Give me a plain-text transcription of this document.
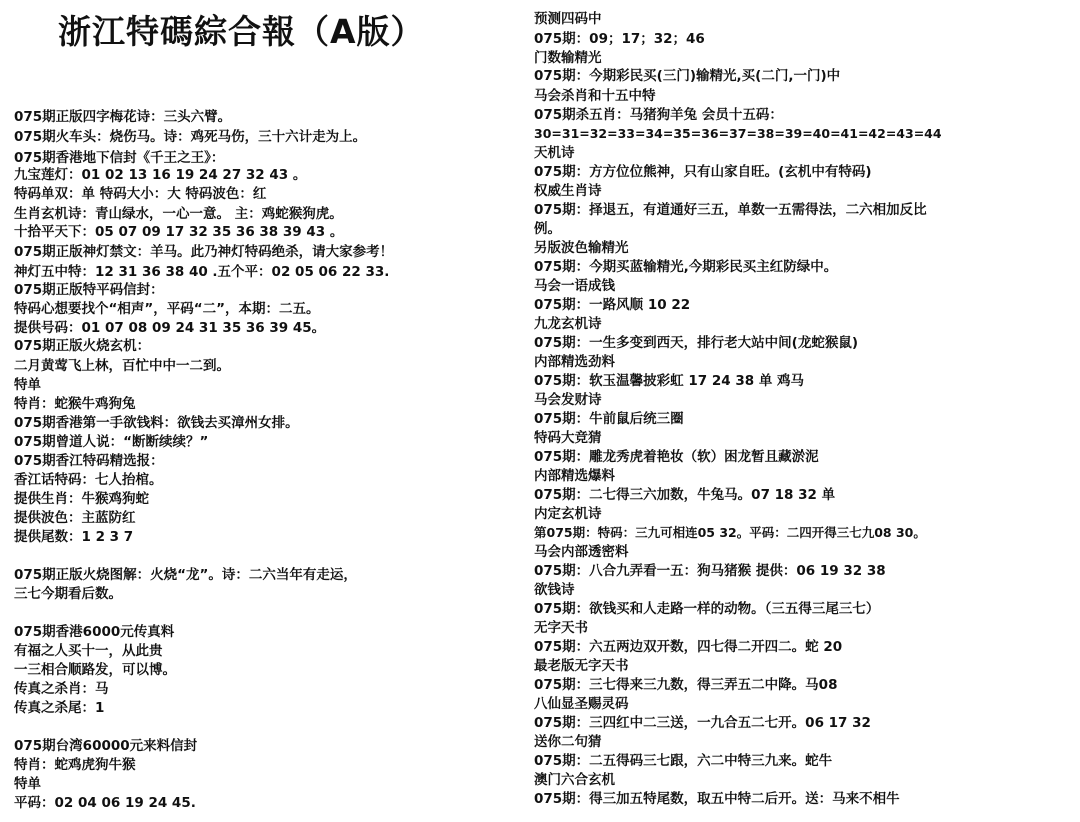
浙江特碼綜合報（A版）
075期正版四字梅花诗：三头六臂。
075期火车头：烧伤马。诗：鸡死马伤，三十六计走为上。
075期香港地下信封《千王之王》：
九宝莲灯：01 02 13 16 19 24 27 32 43 。
特码单双：单 特码大小：大 特码波色：红
生肖玄机诗：青山绿水，一心一意。 主：鸡蛇猴狗虎。
十拾平天下：05 07 09 17 32 35 36 38 39 43 。
075期正版神灯禁文：羊马。此乃神灯特码绝杀，请大家参考！
神灯五中特：12 31 36 38 40 .五个平：02 05 06 22 33.
075期正版特平码信封：
特码心想要找个“相声”，平码“二”，本期：二五。
提供号码：01 07 08 09 24 31 35 36 39 45。
075期正版火烧玄机：
二月黄莺飞上林，百忙中中一二到。
特单
特肖：蛇猴牛鸡狗兔
075期香港第一手欲钱料：欲钱去买漳州女排。
075期曾道人说：“断断续续？”
075期香江特码精选报：
香江话特码：七人抬棺。
提供生肖：牛猴鸡狗蛇
提供波色：主蓝防红
提供尾数：1 2 3 7
075期正版火烧图解：火烧“龙”。诗：二六当年有走运，
三七今期看后数。
075期香港6000元传真料
有福之人买十一，从此贵
一三相合顺路发，可以博。
传真之杀肖：马
传真之杀尾：1
075期台湾60000元来料信封
特肖：蛇鸡虎狗牛猴
特单
平码：02 04 06 19 24 45.
预测四码中
075期：09；17；32；46
门数输精光
075期：今期彩民买(三门)输精光,买(二门,一门)中
马会杀肖和十五中特
075期杀五肖：马猪狗羊兔 会员十五码：
30=31=32=33=34=35=36=37=38=39=40=41=42=43=44
天机诗
075期：方方位位熊神，只有山家自旺。(玄机中有特码)
权威生肖诗
075期：择退五，有道通好三五，单数一五需得法，二六相加反比
例。
另版波色输精光
075期：今期买蓝输精光,今期彩民买主红防绿中。
马会一语成钱
075期：一路风顺 10 22
九龙玄机诗
075期：一生多变到西天，排行老大站中间(龙蛇猴鼠)
内部精选劲料
075期：软玉温馨披彩虹 17 24 38 单 鸡马
马会发财诗
075期：牛前鼠后统三圈
特码大竞猜
075期：雕龙秀虎着艳妆（软）困龙暂且藏淤泥
内部精选爆料
075期：二七得三六加数，牛兔马。07 18 32 单
内定玄机诗
第075期：特码：三九可相连05 32。平码：二四开得三七九08 30。
马会内部透密料
075期：八合九弄看一五：狗马猪猴 提供：06 19 32 38
欲钱诗
075期：欲钱买和人走路一样的动物。（三五得三尾三七）
无字天书
075期：六五两边双开数，四七得二开四二。蛇 20
最老版无字天书
075期：三七得来三九数，得三弄五二中降。马08
八仙显圣赐灵码
075期：三四红中二三送，一九合五二七开。06 17 32
送你二句猜
075期：二五得码三七跟，六二中特三九来。蛇牛
澳门六合玄机
075期：得三加五特尾数，取五中特二后开。送：马来不相牛
